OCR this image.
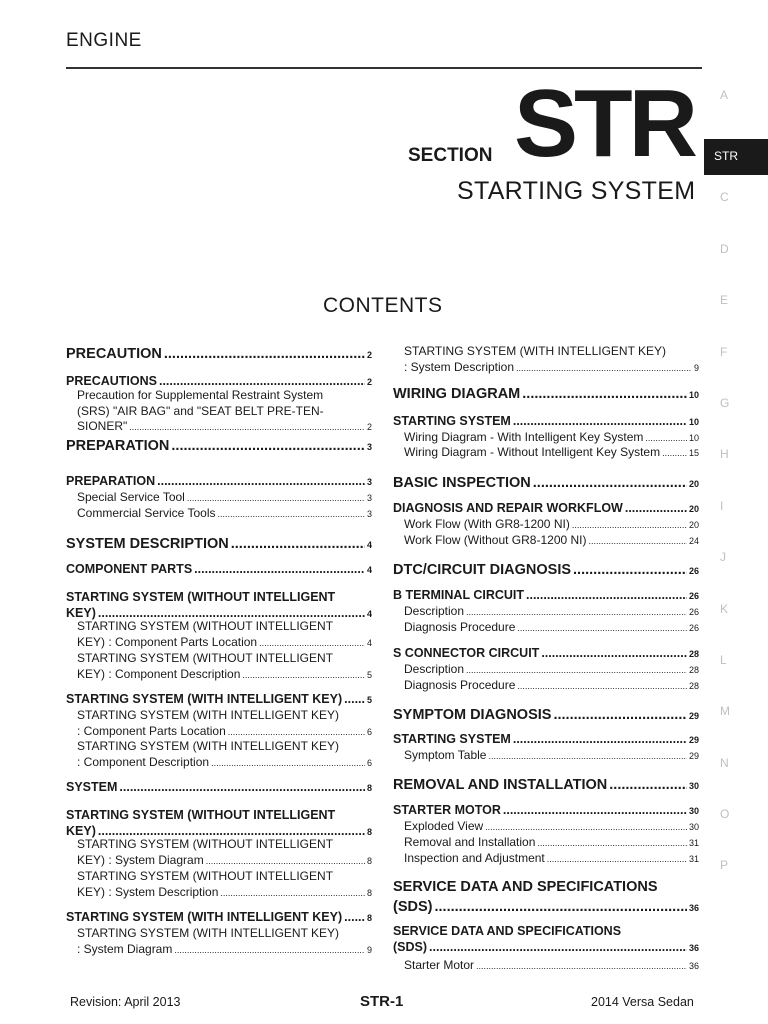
ENGINE
SECTION STR
STARTING SYSTEM
CONTENTS
A
STR
C
D
E
F
G
H
I
J
K
L
M
N
O
P
PRECAUTION .....	2
PRECAUTIONS .....	2
Precaution for Supplemental Restraint System
(SRS) "AIR BAG" and "SEAT BELT PRE-TEN-
SIONER" .....	2
PREPARATION .....	3
PREPARATION .....	3
Special Service Tool .....	3
Commercial Service Tools .....	3
SYSTEM DESCRIPTION .....	4
COMPONENT PARTS .....	4
STARTING SYSTEM (WITHOUT INTELLIGENT
KEY) .....	4
STARTING SYSTEM (WITHOUT INTELLIGENT
KEY) : Component Parts Location .....	4
STARTING SYSTEM (WITHOUT INTELLIGENT
KEY) : Component Description .....	5
STARTING SYSTEM (WITH INTELLIGENT KEY) .....	5
STARTING SYSTEM (WITH INTELLIGENT KEY)
: Component Parts Location .....	6
STARTING SYSTEM (WITH INTELLIGENT KEY)
: Component Description .....	6
SYSTEM .....	8
STARTING SYSTEM (WITHOUT INTELLIGENT
KEY) .....	8
STARTING SYSTEM (WITHOUT INTELLIGENT
KEY) : System Diagram .....	8
STARTING SYSTEM (WITHOUT INTELLIGENT
KEY) : System Description .....	8
STARTING SYSTEM (WITH INTELLIGENT KEY) .....	8
STARTING SYSTEM (WITH INTELLIGENT KEY)
: System Diagram .....	9
STARTING SYSTEM (WITH INTELLIGENT KEY)
: System Description .....	9
WIRING DIAGRAM .....	10
STARTING SYSTEM .....	10
Wiring Diagram - With Intelligent Key System .....	10
Wiring Diagram - Without Intelligent Key System .....	15
BASIC INSPECTION .....	20
DIAGNOSIS AND REPAIR WORKFLOW .....	20
Work Flow (With GR8-1200 NI) .....	20
Work Flow (Without GR8-1200 NI) .....	24
DTC/CIRCUIT DIAGNOSIS .....	26
B TERMINAL CIRCUIT .....	26
Description .....	26
Diagnosis Procedure .....	26
S CONNECTOR CIRCUIT .....	28
Description .....	28
Diagnosis Procedure .....	28
SYMPTOM DIAGNOSIS .....	29
STARTING SYSTEM .....	29
Symptom Table .....	29
REMOVAL AND INSTALLATION .....	30
STARTER MOTOR .....	30
Exploded View .....	30
Removal and Installation .....	31
Inspection and Adjustment .....	31
SERVICE DATA AND SPECIFICATIONS
(SDS) .....	36
SERVICE DATA AND SPECIFICATIONS
(SDS) .....	36
Starter Motor .....	36
Revision: April 2013	STR-1	2014 Versa Sedan
